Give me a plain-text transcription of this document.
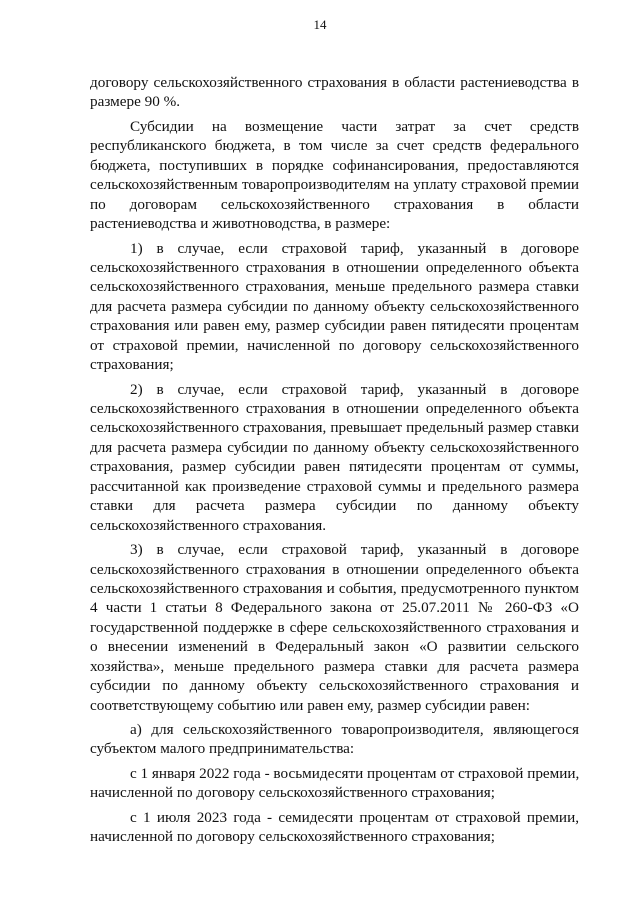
14
договору сельскохозяйственного страхования в области растениеводства в
размере 90 %.
Субсидии на возмещение части затрат за счет средств
республиканского бюджета, в том числе за счет средств федерального
бюджета, поступивших в порядке софинансирования, предоставляются
сельскохозяйственным товаропроизводителям на уплату страховой премии
по договорам сельскохозяйственного страхования в области
растениеводства и животноводства, в размере:
1) в случае, если страховой тариф, указанный в договоре
сельскохозяйственного страхования в отношении определенного объекта
сельскохозяйственного страхования, меньше предельного размера ставки
для расчета размера субсидии по данному объекту сельскохозяйственного
страхования или равен ему, размер субсидии равен пятидесяти процентам
от страховой премии, начисленной по договору сельскохозяйственного
страхования;
2) в случае, если страховой тариф, указанный в договоре
сельскохозяйственного страхования в отношении определенного объекта
сельскохозяйственного страхования, превышает предельный размер ставки
для расчета размера субсидии по данному объекту сельскохозяйственного
страхования, размер субсидии равен пятидесяти процентам от суммы,
рассчитанной как произведение страховой суммы и предельного размера
ставки для расчета размера субсидии по данному объекту
сельскохозяйственного страхования.
3) в случае, если страховой тариф, указанный в договоре
сельскохозяйственного страхования в отношении определенного объекта
сельскохозяйственного страхования и события, предусмотренного пунктом
4 части 1 статьи 8 Федерального закона от 25.07.2011 № 260-ФЗ «О
государственной поддержке в сфере сельскохозяйственного страхования и
о внесении изменений в Федеральный закон «О развитии сельского
хозяйства», меньше предельного размера ставки для расчета размера
субсидии по данному объекту сельскохозяйственного страхования и
соответствующему событию или равен ему, размер субсидии равен:
а) для сельскохозяйственного товаропроизводителя, являющегося
субъектом малого предпринимательства:
с 1 января 2022 года - восьмидесяти процентам от страховой премии,
начисленной по договору сельскохозяйственного страхования;
с 1 июля 2023 года - семидесяти процентам от страховой премии,
начисленной по договору сельскохозяйственного страхования;
